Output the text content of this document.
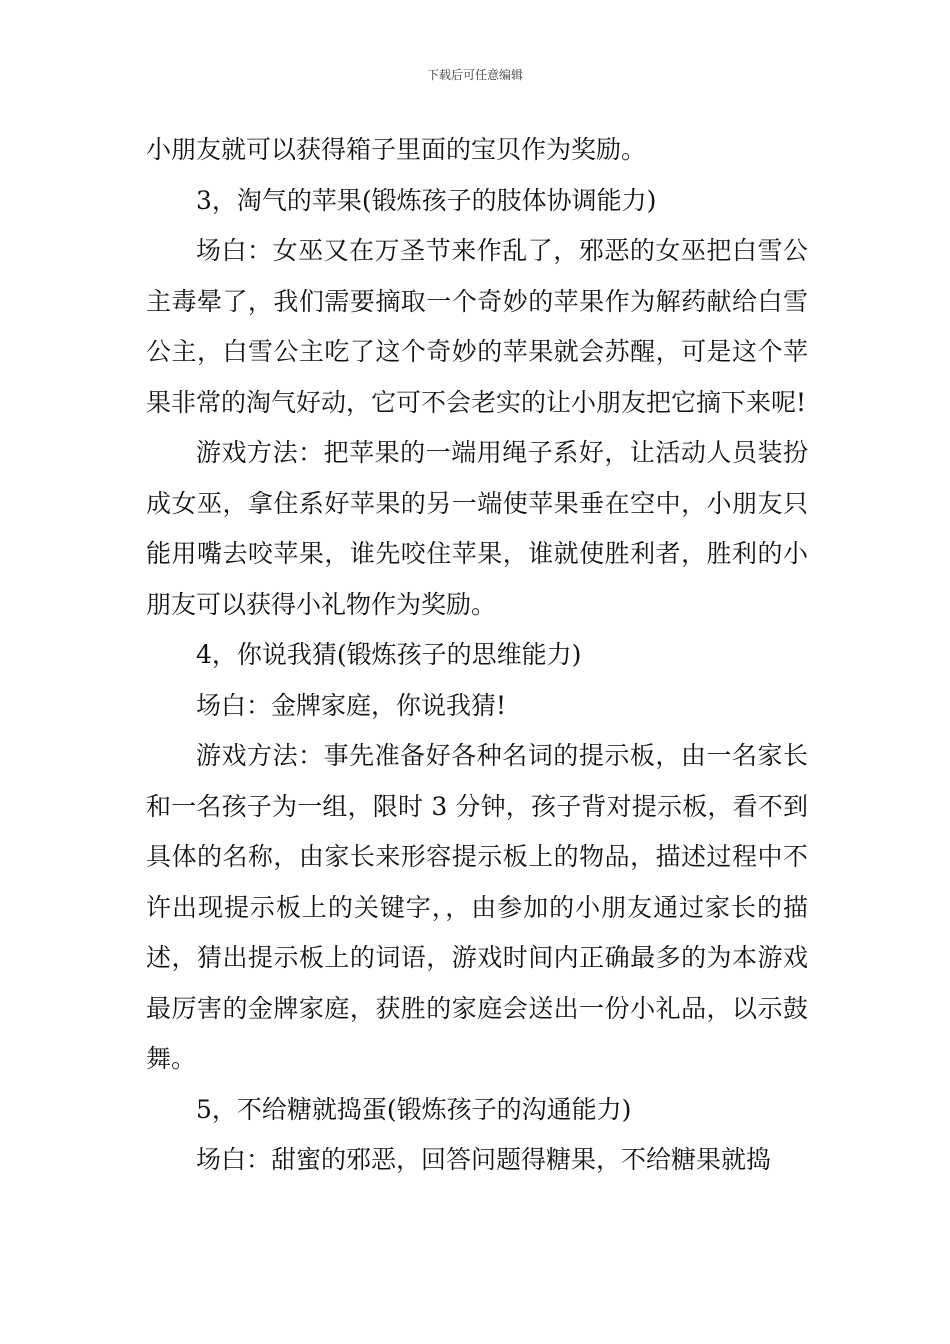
下载后可任意编辑

小朋友就可以获得箱子里面的宝贝作为奖励。

3，淘气的苹果(锻炼孩子的肢体协调能力)

场白：女巫又在万圣节来作乱了，邪恶的女巫把白雪公主毒晕了，我们需要摘取一个奇妙的苹果作为解药献给白雪公主，白雪公主吃了这个奇妙的苹果就会苏醒，可是这个苹果非常的淘气好动，它可不会老实的让小朋友把它摘下来呢!

游戏方法：把苹果的一端用绳子系好，让活动人员装扮成女巫，拿住系好苹果的另一端使苹果垂在空中，小朋友只能用嘴去咬苹果，谁先咬住苹果，谁就使胜利者，胜利的小朋友可以获得小礼物作为奖励。

4，你说我猜(锻炼孩子的思维能力)

场白：金牌家庭，你说我猜!

游戏方法：事先准备好各种名词的提示板，由一名家长和一名孩子为一组，限时 3 分钟，孩子背对提示板，看不到具体的名称，由家长来形容提示板上的物品，描述过程中不许出现提示板上的关键字，，由参加的小朋友通过家长的描述，猜出提示板上的词语，游戏时间内正确最多的为本游戏最厉害的金牌家庭，获胜的家庭会送出一份小礼品，以示鼓舞。

5，不给糖就捣蛋(锻炼孩子的沟通能力)

场白：甜蜜的邪恶，回答问题得糖果，不给糖果就捣
